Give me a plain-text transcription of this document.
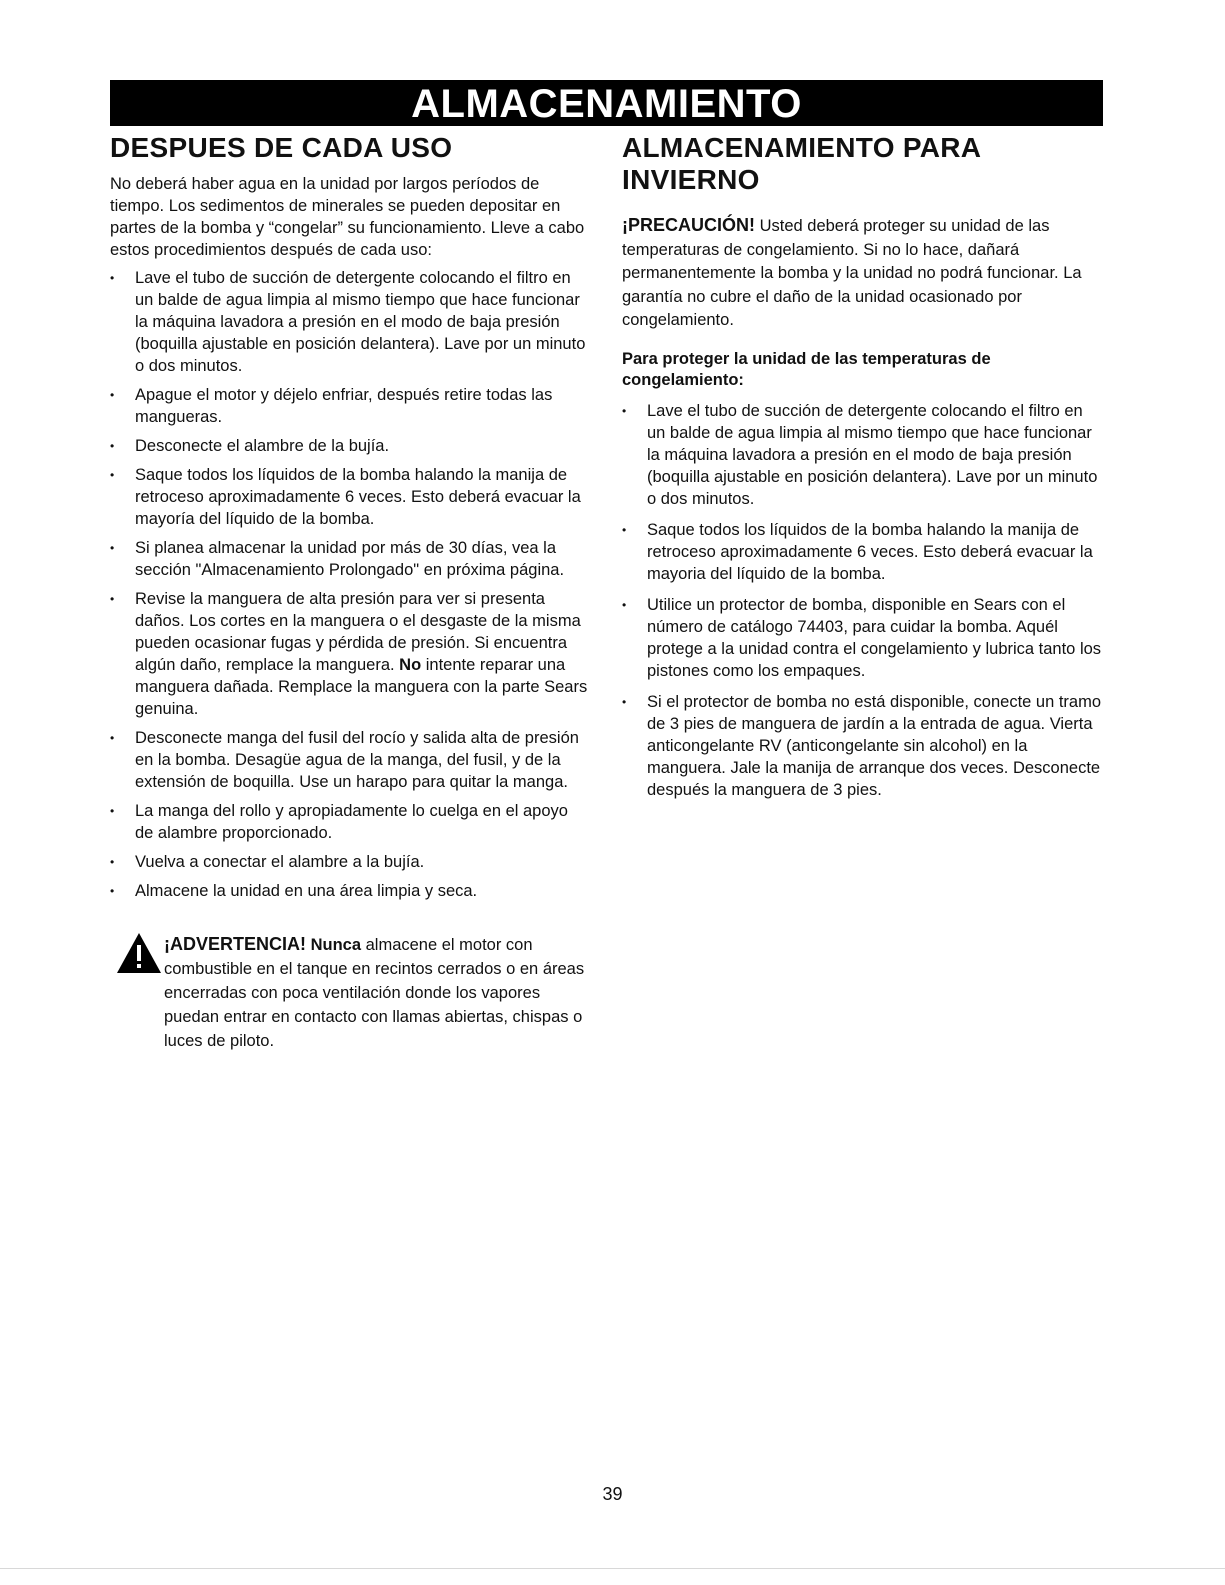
ALMACENAMIENTO
DESPUES DE CADA USO

No deberá haber agua en la unidad por largos períodos de tiempo. Los sedimentos de minerales se pueden depositar en partes de la bomba y “congelar” su funcionamiento. Lleve a cabo estos procedimientos después de cada uso:

• Lave el tubo de succión de detergente colocando el filtro en un balde de agua limpia al mismo tiempo que hace funcionar la máquina lavadora a presión en el modo de baja presión (boquilla ajustable en posición delantera). Lave por un minuto o dos minutos.
• Apague el motor y déjelo enfriar, después retire todas las mangueras.
• Desconecte el alambre de la bujía.
• Saque todos los líquidos de la bomba halando la manija de retroceso aproximadamente 6 veces. Esto deberá evacuar la mayoría del líquido de la bomba.
• Si planea almacenar la unidad por más de 30 días, vea la sección "Almacenamiento Prolongado" en próxima página.
• Revise la manguera de alta presión para ver si presenta daños. Los cortes en la manguera o el desgaste de la misma pueden ocasionar fugas y pérdida de presión. Si encuentra algún daño, remplace la manguera. No intente reparar una manguera dañada. Remplace la manguera con la parte Sears genuina.
• Desconecte manga del fusil del rocío y salida alta de presión en la bomba. Desagüe agua de la manga, del fusil, y de la extensión de boquilla. Use un harapo para quitar la manga.
• La manga del rollo y apropiadamente lo cuelga en el apoyo de alambre proporcionado.
• Vuelva a conectar el alambre a la bujía.
• Almacene la unidad en una área limpia y seca.
¡ADVERTENCIA! Nunca almacene el motor con combustible en el tanque en recintos cerrados o en áreas encerradas con poca ventilación donde los vapores puedan entrar en contacto con llamas abiertas, chispas o luces de piloto.
ALMACENAMIENTO PARA
INVIERNO

¡PRECAUCIÓN! Usted deberá proteger su unidad de las temperaturas de congelamiento. Si no lo hace, dañará permanentemente la bomba y la unidad no podrá funcionar. La garantía no cubre el daño de la unidad ocasionado por congelamiento.

Para proteger la unidad de las temperaturas de congelamiento:

• Lave el tubo de succión de detergente colocando el filtro en un balde de agua limpia al mismo tiempo que hace funcionar la máquina lavadora a presión en el modo de baja presión (boquilla ajustable en posición delantera). Lave por un minuto o dos minutos.
• Saque todos los líquidos de la bomba halando la manija de retroceso aproximadamente 6 veces. Esto deberá evacuar la mayoria del líquido de la bomba.
• Utilice un protector de bomba, disponible en Sears con el número de catálogo 74403, para cuidar la bomba. Aquél protege a la unidad contra el congelamiento y lubrica tanto los pistones como los empaques.
• Si el protector de bomba no está disponible, conecte un tramo de 3 pies de manguera de jardín a la entrada de agua. Vierta anticongelante RV (anticongelante sin alcohol) en la manguera. Jale la manija de arranque dos veces. Desconecte después la manguera de 3 pies.
39
